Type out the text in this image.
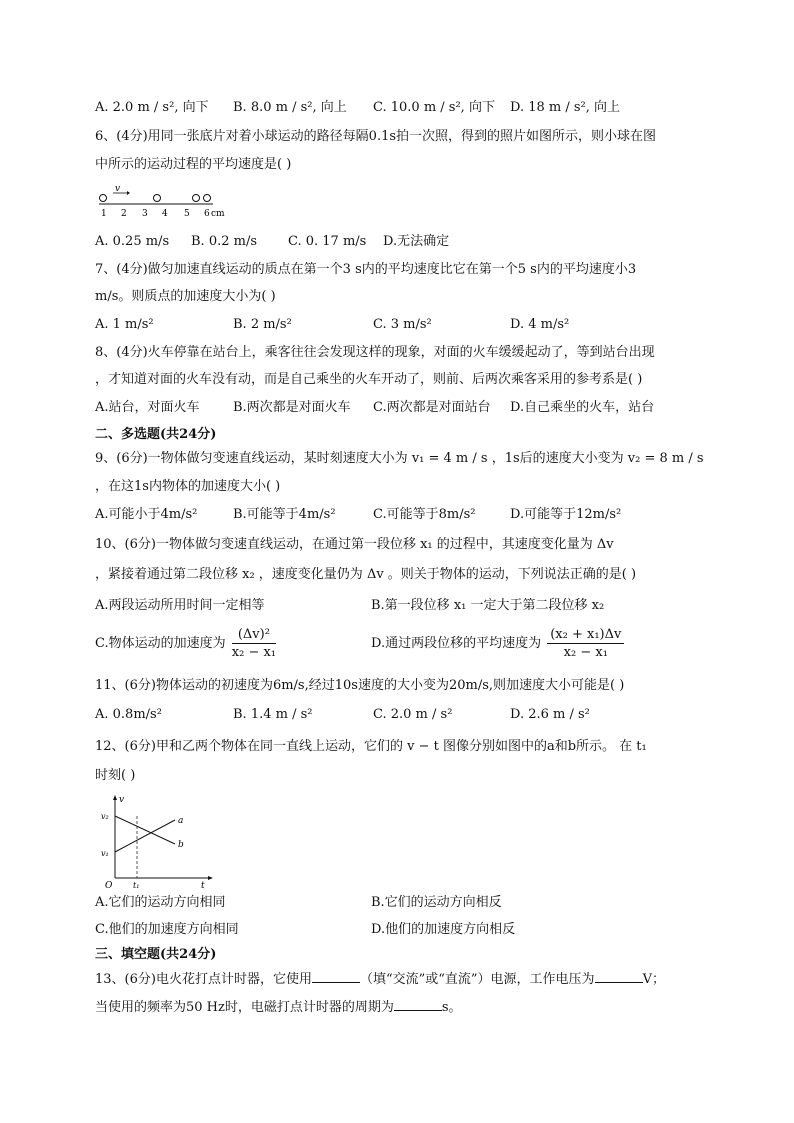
A. 2.0 m / s², 向下 B. 8.0 m / s², 向上 C. 10.0 m / s², 向下 D. 18 m / s², 向上
6、(4分)用同一张底片对着小球运动的路径每隔0.1s拍一次照，得到的照片如图所示，则小球在图
中所示的运动过程的平均速度是( )
v
1 2 3 4 5 6 cm
A. 0.25 m/s B. 0.2 m/s C. 0. 17 m/s D.无法确定
7、(4分)做匀加速直线运动的质点在第一个3 s内的平均速度比它在第一个5 s内的平均速度小3
m/s。则质点的加速度大小为( )
A. 1 m/s²	B. 2 m/s²	C. 3 m/s²	D. 4 m/s²
8、(4分)火车停靠在站台上，乘客往往会发现这样的现象，对面的火车缓缓起动了，等到站台出现
，才知道对面的火车没有动，而是自己乘坐的火车开动了，则前、后两次乘客采用的参考系是( )
A.站台，对面火车	B.两次都是对面火车 C.两次都是对面站台 D.自己乘坐的火车，站台
二、多选题(共24分)
9、(6分)一物体做匀变速直线运动，某时刻速度大小为 v₁ = 4 m / s ，1s后的速度大小变为 v₂ = 8 m / s
，在这1s内物体的加速度大小( )
A.可能小于4m/s²	B.可能等于4m/s²	C.可能等于8m/s²	D.可能等于12m/s²
10、(6分)一物体做匀变速直线运动，在通过第一段位移 x₁ 的过程中，其速度变化量为 Δv
，紧接着通过第二段位移 x₂ ，速度变化量仍为 Δv 。则关于物体的运动，下列说法正确的是( )
A.两段运动所用时间一定相等	B.第一段位移 x₁ 一定大于第二段位移 x₂
C.物体运动的加速度为 $\frac{\text{(Δv)²}}{\text{x₂ − x₁}}$	D.通过两段位移的平均速度为 $\frac{\text{(x₂ + x₁)Δv}}{\text{x₂ − x₁}}$
11、(6分)物体运动的初速度为6m/s,经过10s速度的大小变为20m/s,则加速度大小可能是( )
A. 0.8m/s²	B. 1.4 m / s²	C. 2.0 m / s²	D. 2.6 m / s²
12、(6分)甲和乙两个物体在同一直线上运动，它们的 v − t 图像分别如图中的a和b所示。 在 t₁
时刻( )
v
t
O
v₂
v₁
t₁
a
b
A.它们的运动方向相同	B.它们的运动方向相反
C.他们的加速度方向相同	D.他们的加速度方向相反
三、填空题(共24分)
13、(6分)电火花打点计时器，它使用	（填“交流”或“直流”）电源，工作电压为	V；
当使用的频率为50 Hz时，电磁打点计时器的周期为	s。
